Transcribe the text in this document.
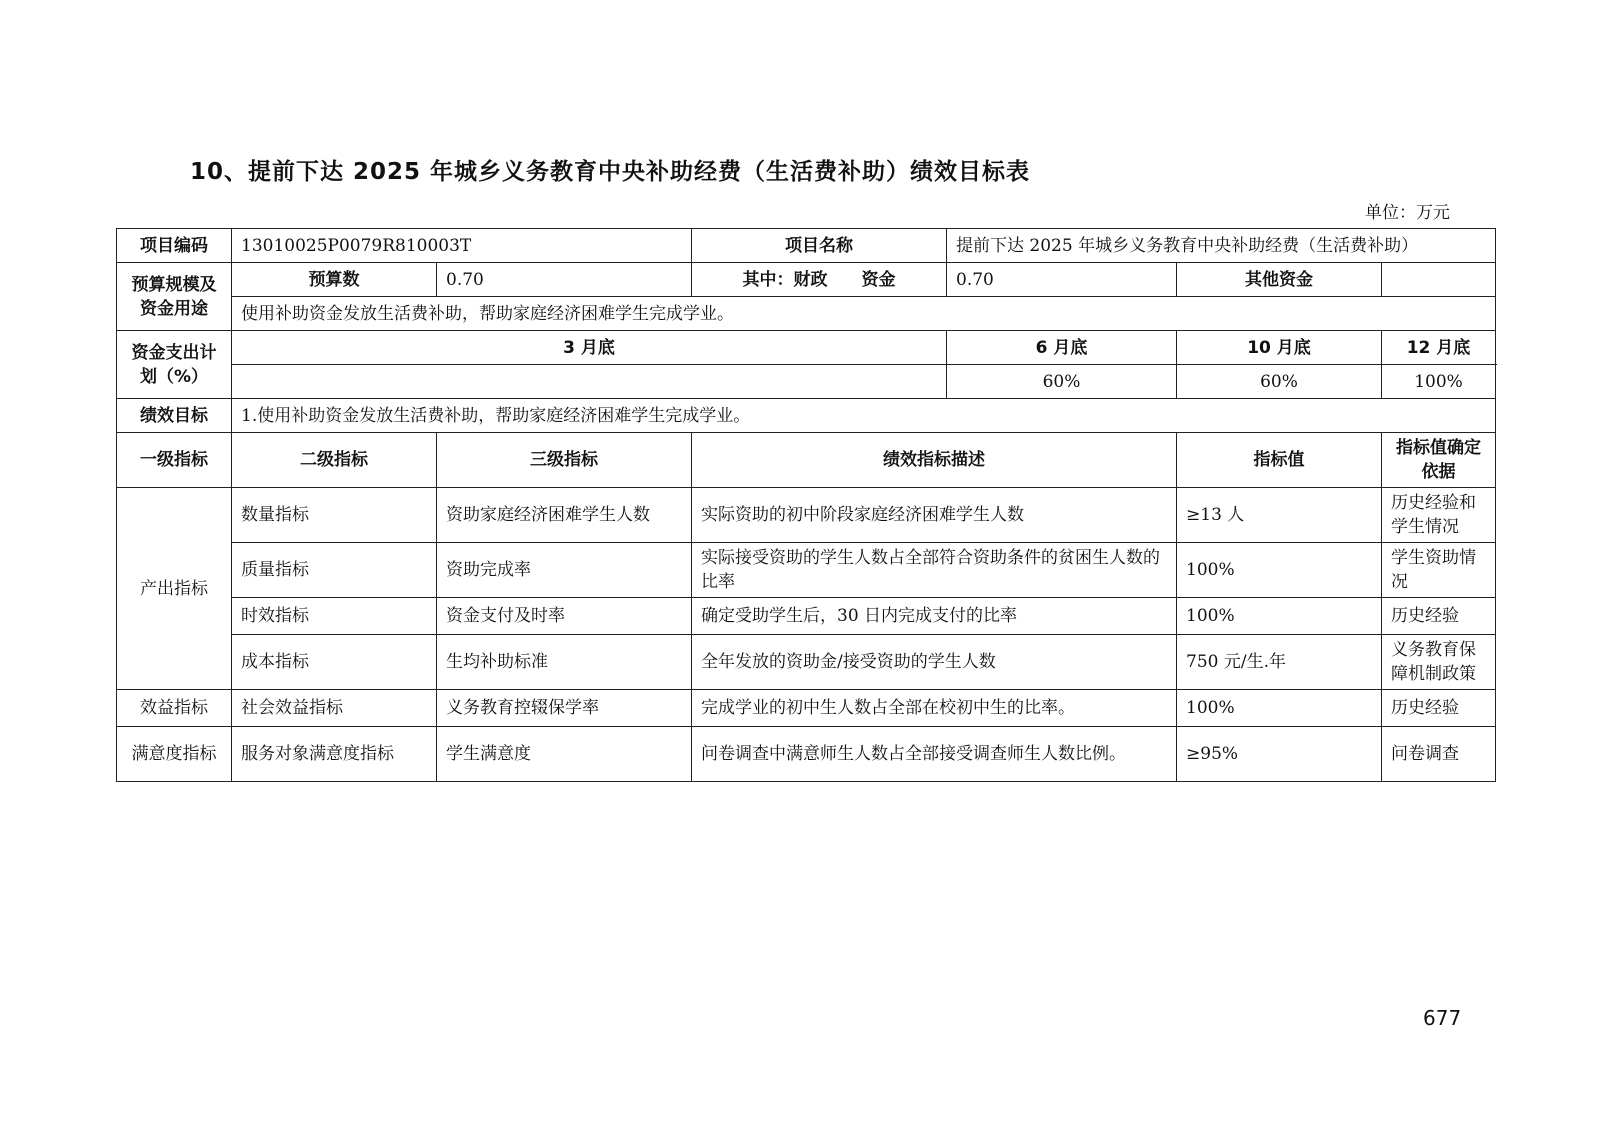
10、提前下达 2025 年城乡义务教育中央补助经费（生活费补助）绩效目标表
单位：万元
项目编码	13010025P0079R810003T		项目名称	提前下达 2025 年城乡义务教育中央补助经费（生活费补助）		
预算规模及资金用途	预算数	0.70	其中：财政　　资金	0.70	其他资金	
	使用补助资金发放生活费补助，帮助家庭经济困难学生完成学业。					
资金支出计划（%）	3 月底			6 月底	10 月底	12 月底
				60%	60%	100%
绩效目标	1.使用补助资金发放生活费补助，帮助家庭经济困难学生完成学业。					
一级指标	二级指标	三级指标	绩效指标描述		指标值	指标值确定依据
产出指标	数量指标	资助家庭经济困难学生人数	实际资助的初中阶段家庭经济困难学生人数		≥13 人	历史经验和学生情况
	质量指标	资助完成率	实际接受资助的学生人数占全部符合资助条件的贫困生人数的比率		100%	学生资助情况
	时效指标	资金支付及时率	确定受助学生后，30 日内完成支付的比率		100%	历史经验
	成本指标	生均补助标准	全年发放的资助金/接受资助的学生人数		750 元/生.年	义务教育保障机制政策
效益指标	社会效益指标	义务教育控辍保学率	完成学业的初中生人数占全部在校初中生的比率。		100%	历史经验
满意度指标	服务对象满意度指标	学生满意度	问卷调查中满意师生人数占全部接受调查师生人数比例。		≥95%	问卷调查
677
